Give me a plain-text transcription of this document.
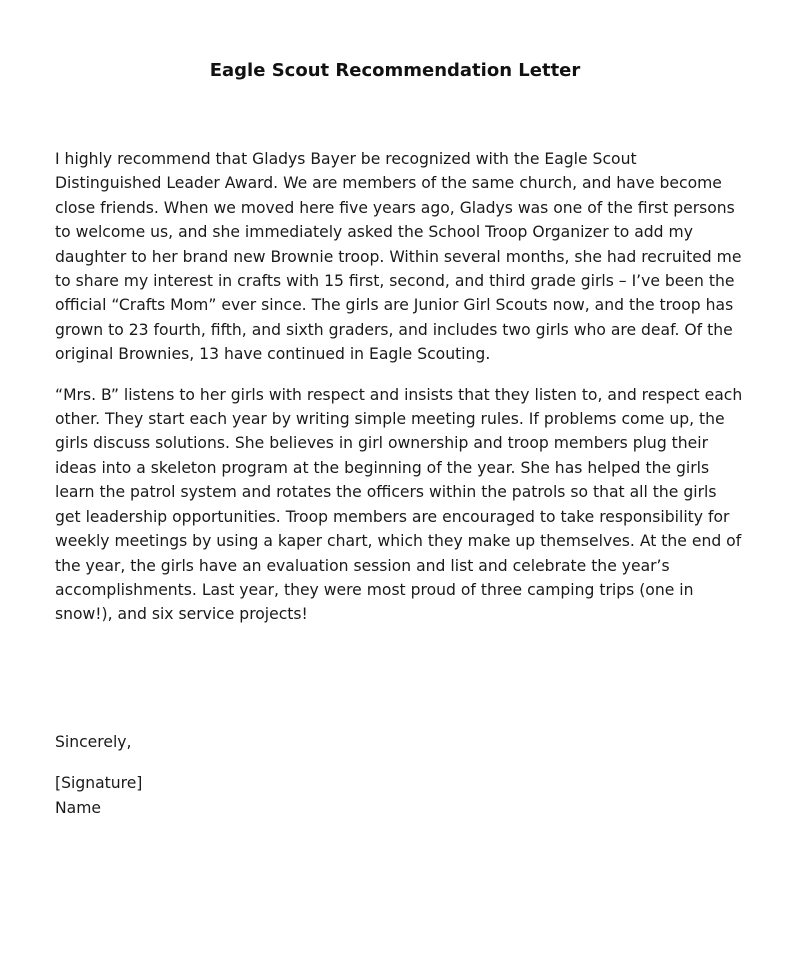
Eagle Scout Recommendation Letter

I highly recommend that Gladys Bayer be recognized with the Eagle Scout Distinguished Leader Award. We are members of the same church, and have become close friends. When we moved here five years ago, Gladys was one of the first persons to welcome us, and she immediately asked the School Troop Organizer to add my daughter to her brand new Brownie troop. Within several months, she had recruited me to share my interest in crafts with 15 first, second, and third grade girls – I’ve been the official “Crafts Mom” ever since. The girls are Junior Girl Scouts now, and the troop has grown to 23 fourth, fifth, and sixth graders, and includes two girls who are deaf. Of the original Brownies, 13 have continued in Eagle Scouting.

“Mrs. B” listens to her girls with respect and insists that they listen to, and respect each other. They start each year by writing simple meeting rules. If problems come up, the girls discuss solutions. She believes in girl ownership and troop members plug their ideas into a skeleton program at the beginning of the year. She has helped the girls learn the patrol system and rotates the officers within the patrols so that all the girls get leadership opportunities. Troop members are encouraged to take responsibility for weekly meetings by using a kaper chart, which they make up themselves. At the end of the year, the girls have an evaluation session and list and celebrate the year’s accomplishments. Last year, they were most proud of three camping trips (one in snow!), and six service projects!

Sincerely,

[Signature]
Name
